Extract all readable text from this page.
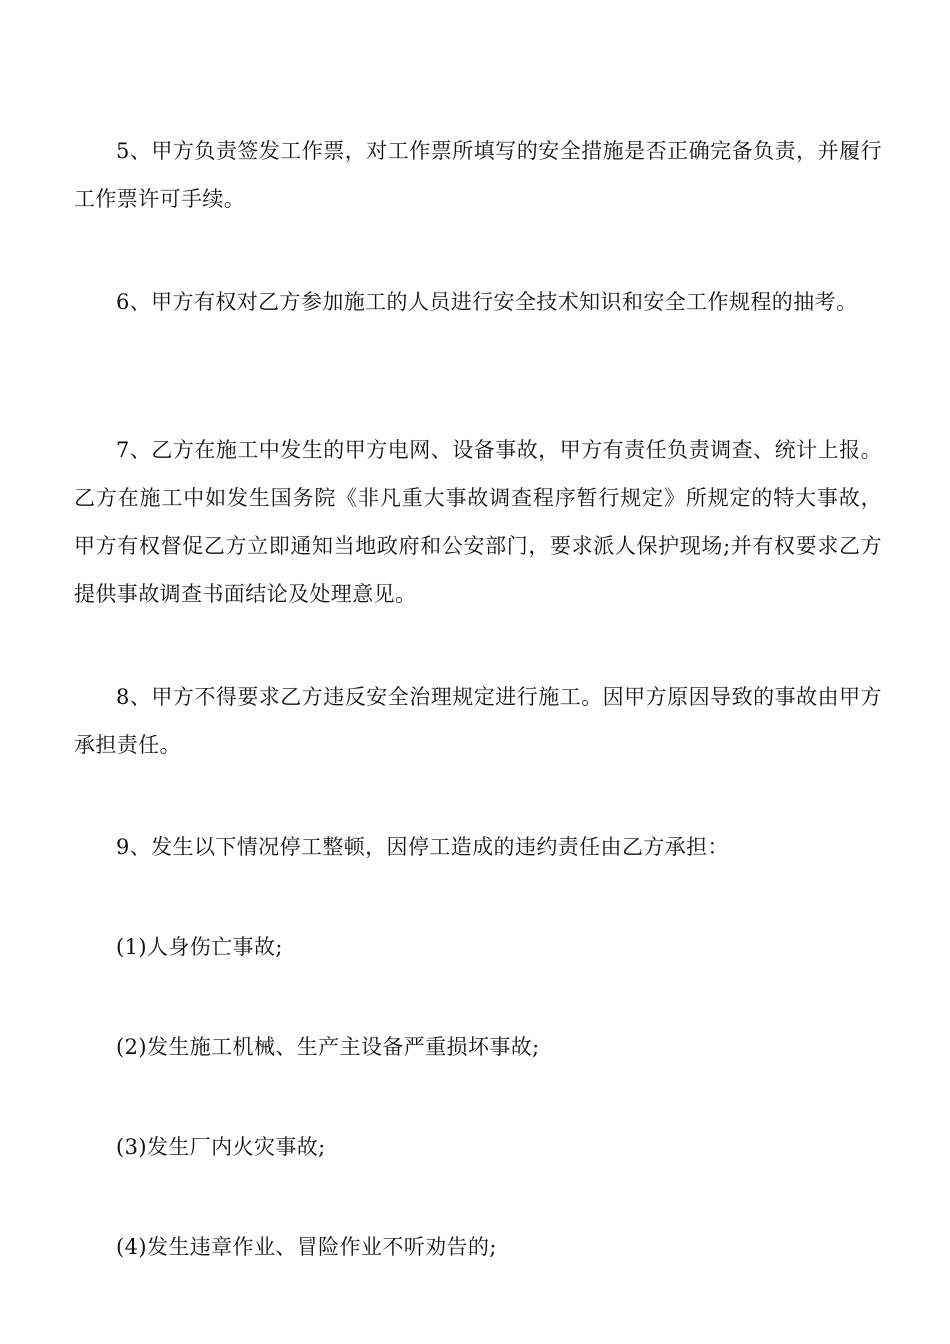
5、甲方负责签发工作票，对工作票所填写的安全措施是否正确完备负责，并履行工作票许可手续。

6、甲方有权对乙方参加施工的人员进行安全技术知识和安全工作规程的抽考。

7、乙方在施工中发生的甲方电网、设备事故，甲方有责任负责调查、统计上报。乙方在施工中如发生国务院《非凡重大事故调查程序暂行规定》所规定的特大事故，甲方有权督促乙方立即通知当地政府和公安部门，要求派人保护现场;并有权要求乙方提供事故调查书面结论及处理意见。

8、甲方不得要求乙方违反安全治理规定进行施工。因甲方原因导致的事故由甲方承担责任。

9、发生以下情况停工整顿，因停工造成的违约责任由乙方承担：

(1)人身伤亡事故;

(2)发生施工机械、生产主设备严重损坏事故;

(3)发生厂内火灾事故;

(4)发生违章作业、冒险作业不听劝告的;
